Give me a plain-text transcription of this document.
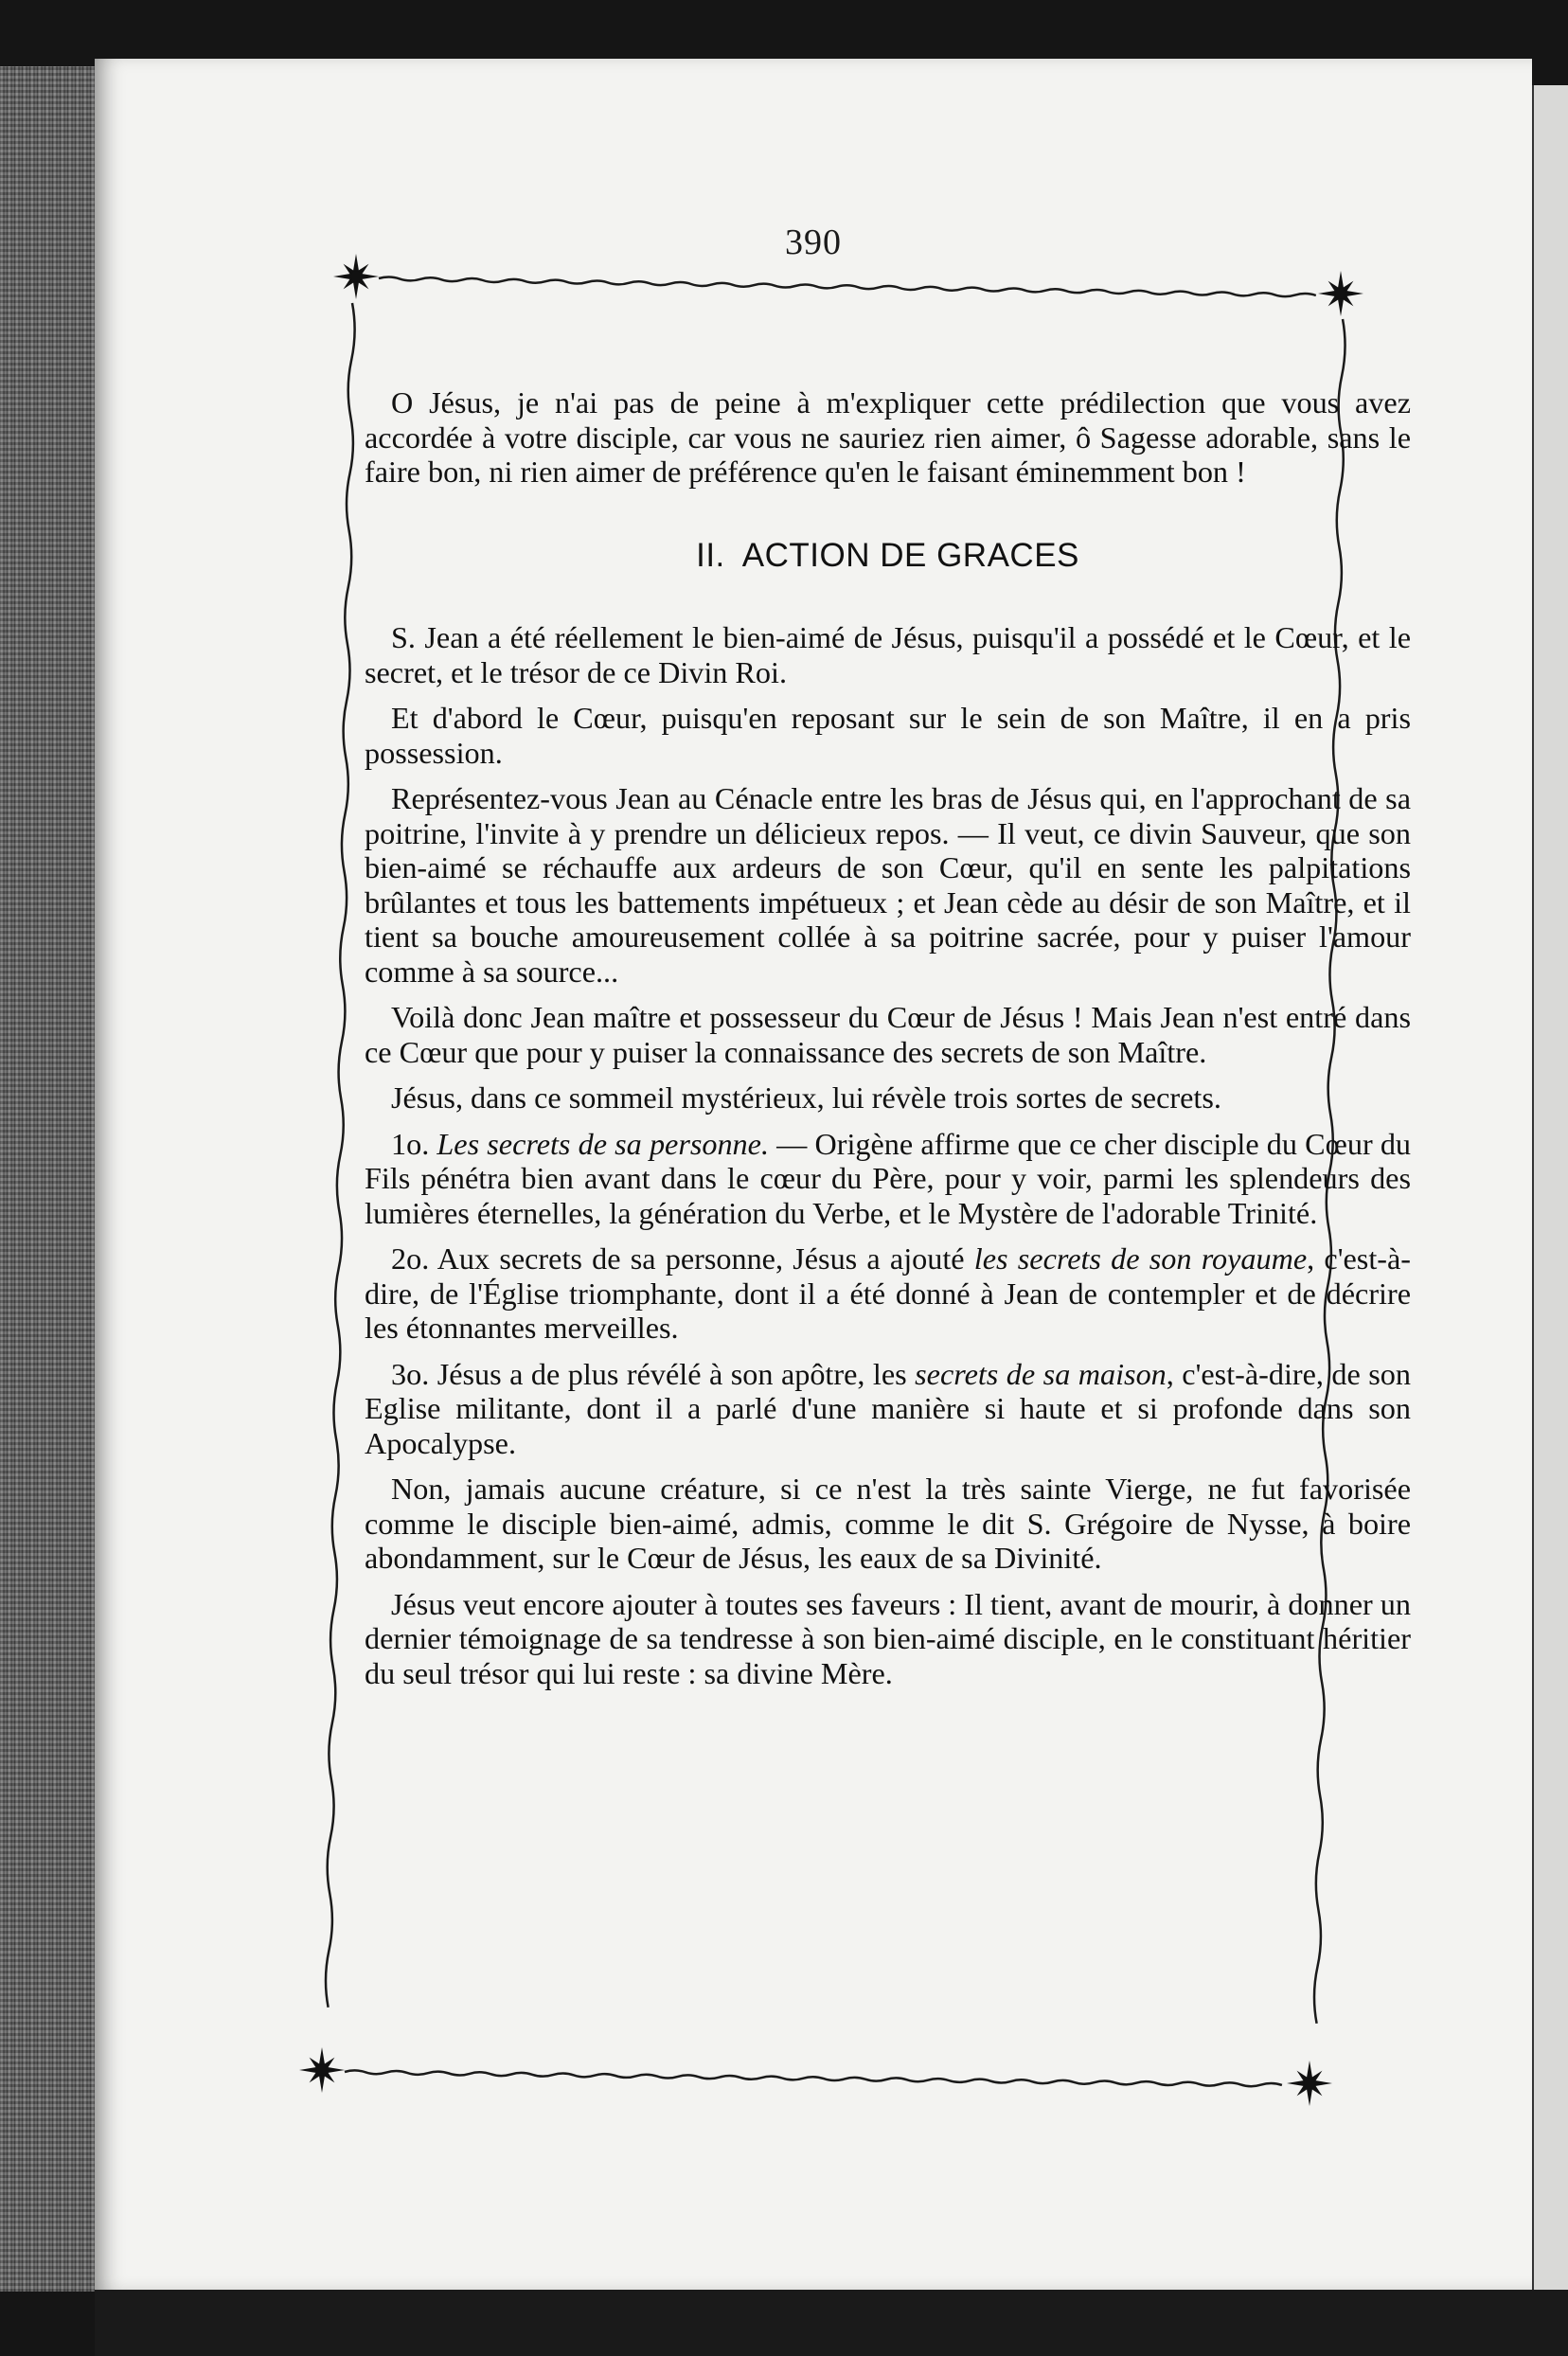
390

O Jésus, je n'ai pas de peine à m'expliquer cette prédilection que vous avez accordée à votre disciple, car vous ne sauriez rien aimer, ô Sagesse adorable, sans le faire bon, ni rien aimer de préférence qu'en le faisant éminemment bon !

II. ACTION DE GRACES

S. Jean a été réellement le bien-aimé de Jésus, puisqu'il a possédé et le Cœur, et le secret, et le trésor de ce Divin Roi.

Et d'abord le Cœur, puisqu'en reposant sur le sein de son Maître, il en a pris possession.

Représentez-vous Jean au Cénacle entre les bras de Jésus qui, en l'approchant de sa poitrine, l'invite à y prendre un délicieux repos. — Il veut, ce divin Sauveur, que son bien-aimé se réchauffe aux ardeurs de son Cœur, qu'il en sente les palpitations brûlantes et tous les battements impétueux ; et Jean cède au désir de son Maître, et il tient sa bouche amoureusement collée à sa poitrine sacrée, pour y puiser l'amour comme à sa source...

Voilà donc Jean maître et possesseur du Cœur de Jésus ! Mais Jean n'est entré dans ce Cœur que pour y puiser la connaissance des secrets de son Maître.

Jésus, dans ce sommeil mystérieux, lui révèle trois sortes de secrets.

1o. Les secrets de sa personne. — Origène affirme que ce cher disciple du Cœur du Fils pénétra bien avant dans le cœur du Père, pour y voir, parmi les splendeurs des lumières éternelles, la génération du Verbe, et le Mystère de l'adorable Trinité.

2o. Aux secrets de sa personne, Jésus a ajouté les secrets de son royaume, c'est-à-dire, de l'Église triomphante, dont il a été donné à Jean de contempler et de décrire les étonnantes merveilles.

3o. Jésus a de plus révélé à son apôtre, les secrets de sa maison, c'est-à-dire, de son Eglise militante, dont il a parlé d'une manière si haute et si profonde dans son Apocalypse.

Non, jamais aucune créature, si ce n'est la très sainte Vierge, ne fut favorisée comme le disciple bien-aimé, admis, comme le dit S. Grégoire de Nysse, à boire abondamment, sur le Cœur de Jésus, les eaux de sa Divinité.

Jésus veut encore ajouter à toutes ses faveurs : Il tient, avant de mourir, à donner un dernier témoignage de sa tendresse à son bien-aimé disciple, en le constituant héritier du seul trésor qui lui reste : sa divine Mère.
